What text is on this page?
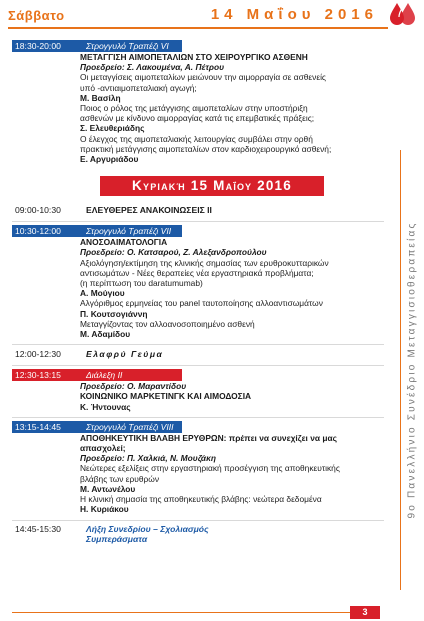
Σάββατο	14 Μαΐου 2016
9ο Πανελλήνιο Συνέδριο Μεταγγισιοθεραπείας
18:30-20:00	Στρογγυλό Τραπέζι VI
ΜΕΤΑΓΓΙΣΗ ΑΙΜΟΠΕΤΑΛΙΩΝ ΣΤΟ ΧΕΙΡΟΥΡΓΙΚΟ ΑΣΘΕΝΗ
Προεδρείο: Σ. Λακουμένα, Α. Πέτρου
Οι μεταγγίσεις αιμοπεταλίων μειώνουν την αιμορραγία σε ασθενείς
υπό -αντιαιμοπεταλιακή αγωγή;
Μ. Βασίλη
Ποιος ο ρόλος της μετάγγισης αιμοπεταλίων στην υποστήριξη
ασθενών με κίνδυνο αιμορραγίας κατά τις επεμβατικές πράξεις;
Σ. Ελευθεριάδης
Ο έλεγχος της αιμοπεταλιακής λειτουργίας συμβάλει στην ορθή
πρακτική μετάγγισης αιμοπεταλίων στον καρδιοχειρουργικό ασθενή;
Ε. Αργυριάδου
Κυριακή 15 Μαΐου 2016
09:00-10:30	ΕΛΕΥΘΕΡΕΣ ΑΝΑΚΟΙΝΩΣΕΙΣ ΙΙ
10:30-12:00	Στρογγυλό Τραπέζι VII
ΑΝΟΣΟΑΙΜΑΤΟΛΟΓΙΑ
Προεδρείο: Ο. Κατσαρού, Ζ. Αλεξανδροπούλου
Αξιολόγηση/εκτίμηση της κλινικής σημασίας των ερυθροκυτταρικών
αντισωμάτων - Νέες θεραπείες νέα εργαστηριακά προβλήματα;
(η περίπτωση του daratumumab)
Α. Μούγιου
Αλγόριθμος ερμηνείας του panel ταυτοποίησης αλλοαντισωμάτων
Π. Κουτσογιάννη
Μεταγγίζοντας τον αλλοανοσοποιημένο ασθενή
Μ. Αδαμίδου
12:00-12:30	Ελαφρύ Γεύμα
12:30-13:15	Διάλεξη ΙΙ
Προεδρείο: Ο. Μαραντίδου
ΚΟΙΝΩΝΙΚΟ ΜΑΡΚΕΤΙΝΓΚ ΚΑΙ ΑΙΜΟΔΟΣΙΑ
Κ. Ήντουνας
13:15-14:45	Στρογγυλό Τραπέζι VIII
ΑΠΟΘΗΚΕΥΤΙΚΗ ΒΛΑΒΗ ΕΡΥΘΡΩΝ: πρέπει να συνεχίζει να μας
απασχολεί;
Προεδρείο: Π. Χαλκιά, Ν. Μουζάκη
Νεώτερες εξελίξεις στην εργαστηριακή προσέγγιση της αποθηκευτικής
βλάβης των ερυθρών
Μ. Αντωνέλου
Η κλινική σημασία της αποθηκευτικής βλάβης: νεώτερα δεδομένα
Η. Κυριάκου
14:45-15:30	Λήξη Συνεδρίου – Σχολιασμός
Συμπεράσματα
3
